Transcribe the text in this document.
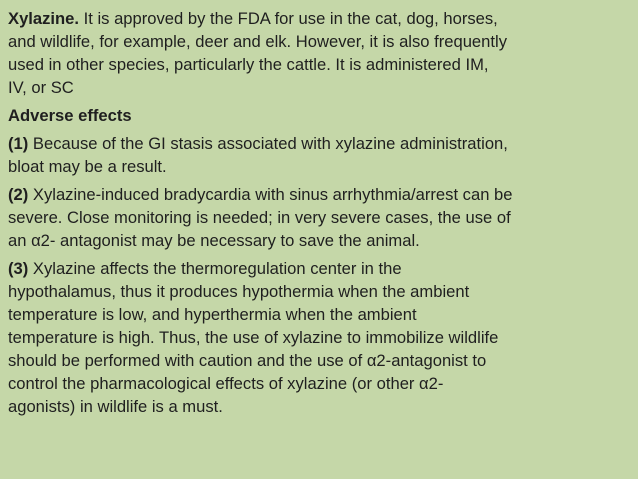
Xylazine. It is approved by the FDA for use in the cat, dog, horses,
and wildlife, for example, deer and elk. However, it is also frequently
used in other species, particularly the cattle. It is administered IM,
IV, or SC

Adverse effects

(1) Because of the GI stasis associated with xylazine administration,
bloat may be a result.

(2) Xylazine-induced bradycardia with sinus arrhythmia/arrest can be
severe. Close monitoring is needed; in very severe cases, the use of
an α2- antagonist may be necessary to save the animal.

(3) Xylazine affects the thermoregulation center in the
hypothalamus, thus it produces hypothermia when the ambient
temperature is low, and hyperthermia when the ambient
temperature is high. Thus, the use of xylazine to immobilize wildlife
should be performed with caution and the use of α2-antagonist to
control the pharmacological effects of xylazine (or other α2-
agonists) in wildlife is a must.
